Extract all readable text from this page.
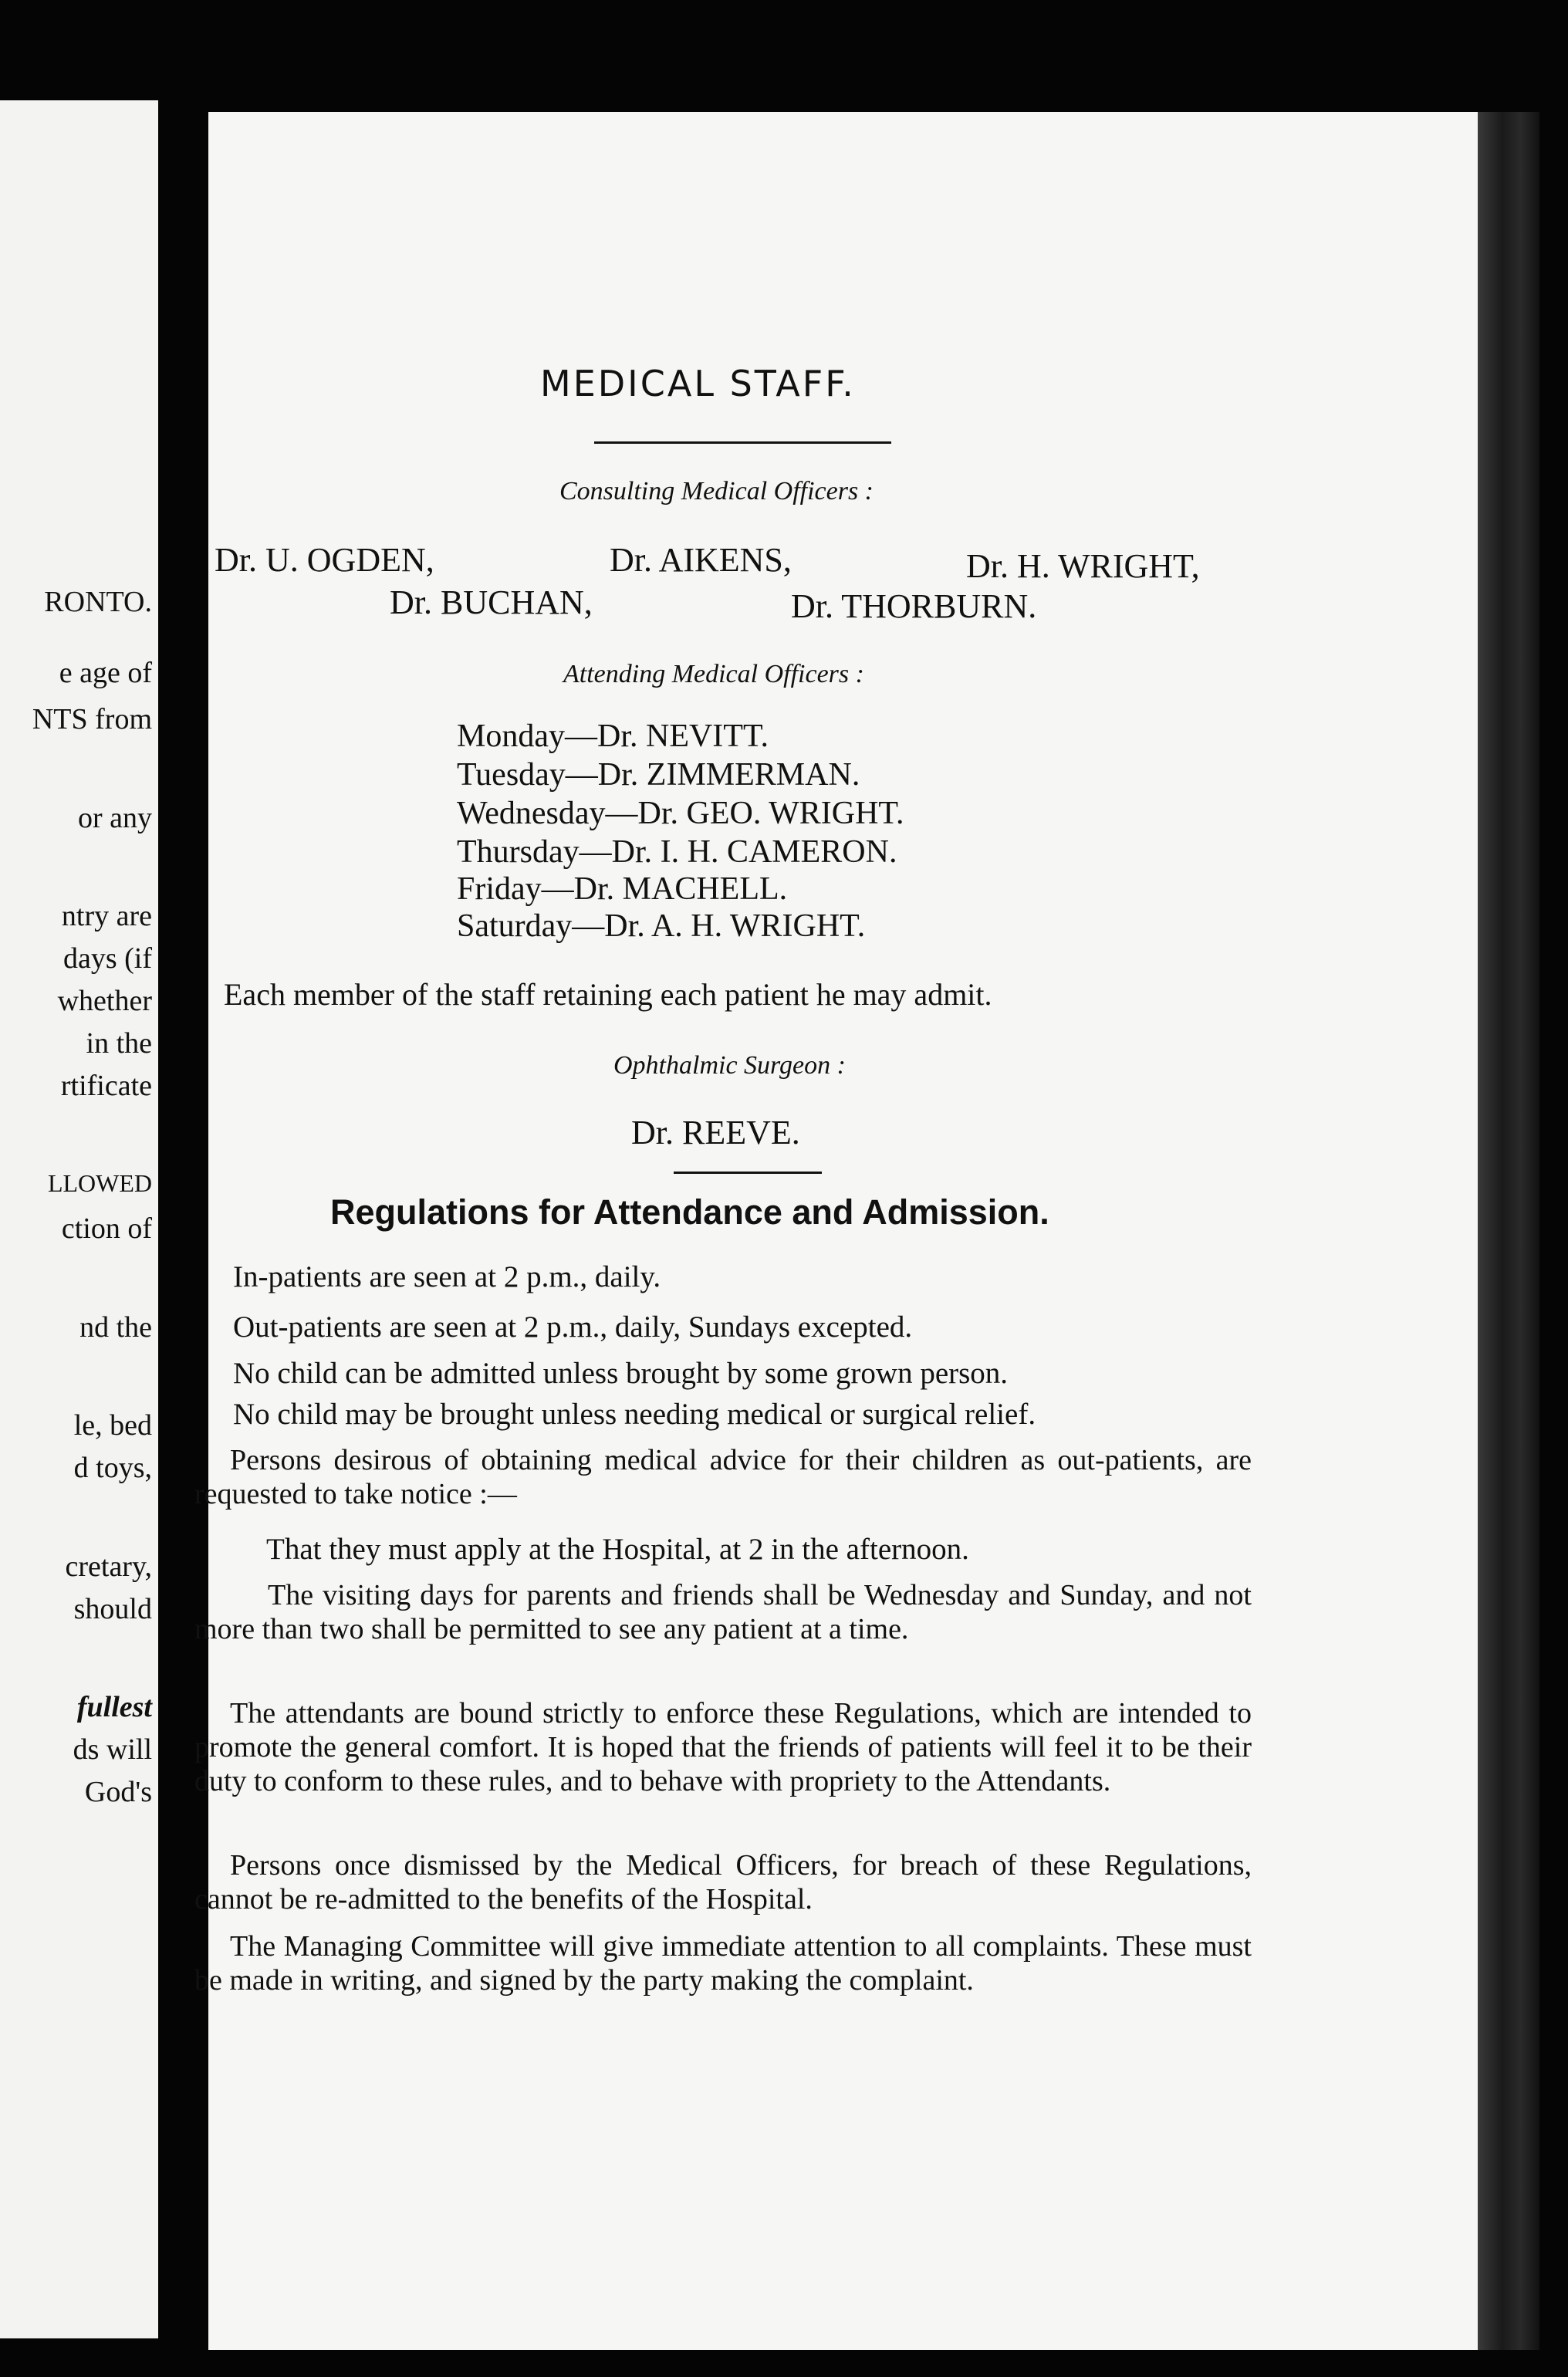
RONTO.
e age of
NTS from
or any
ntry are
days (if
whether
in the
rtificate
LLOWED
ction of
nd the
le, bed
d toys,
cretary,
should
fullest
ds will
God's
MEDICAL STAFF.
Consulting Medical Officers :
Dr. U. OGDEN,	Dr. AIKENS,	Dr. H. WRIGHT,
Dr. BUCHAN,	Dr. THORBURN.
Attending Medical Officers :
Monday—Dr. NEVITT.
Tuesday—Dr. ZIMMERMAN.
Wednesday—Dr. GEO. WRIGHT.
Thursday—Dr. I. H. CAMERON.
Friday—Dr. MACHELL.
Saturday—Dr. A. H. WRIGHT.
Each member of the staff retaining each patient he may admit.
Ophthalmic Surgeon :
Dr. REEVE.
Regulations for Attendance and Admission.
In-patients are seen at 2 p.m., daily.
Out-patients are seen at 2 p.m., daily, Sundays excepted.
No child can be admitted unless brought by some grown person.
No child may be brought unless needing medical or surgical relief.
Persons desirous of obtaining medical advice for their children as out-patients, are requested to take notice :—
That they must apply at the Hospital, at 2 in the afternoon.
The visiting days for parents and friends shall be Wednesday and Sunday, and not more than two shall be permitted to see any patient at a time.
The attendants are bound strictly to enforce these Regulations, which are intended to promote the general comfort. It is hoped that the friends of patients will feel it to be their duty to conform to these rules, and to behave with propriety to the Attendants.
Persons once dismissed by the Medical Officers, for breach of these Regulations, cannot be re-admitted to the benefits of the Hospital.
The Managing Committee will give immediate attention to all complaints. These must be made in writing, and signed by the party making the complaint.
